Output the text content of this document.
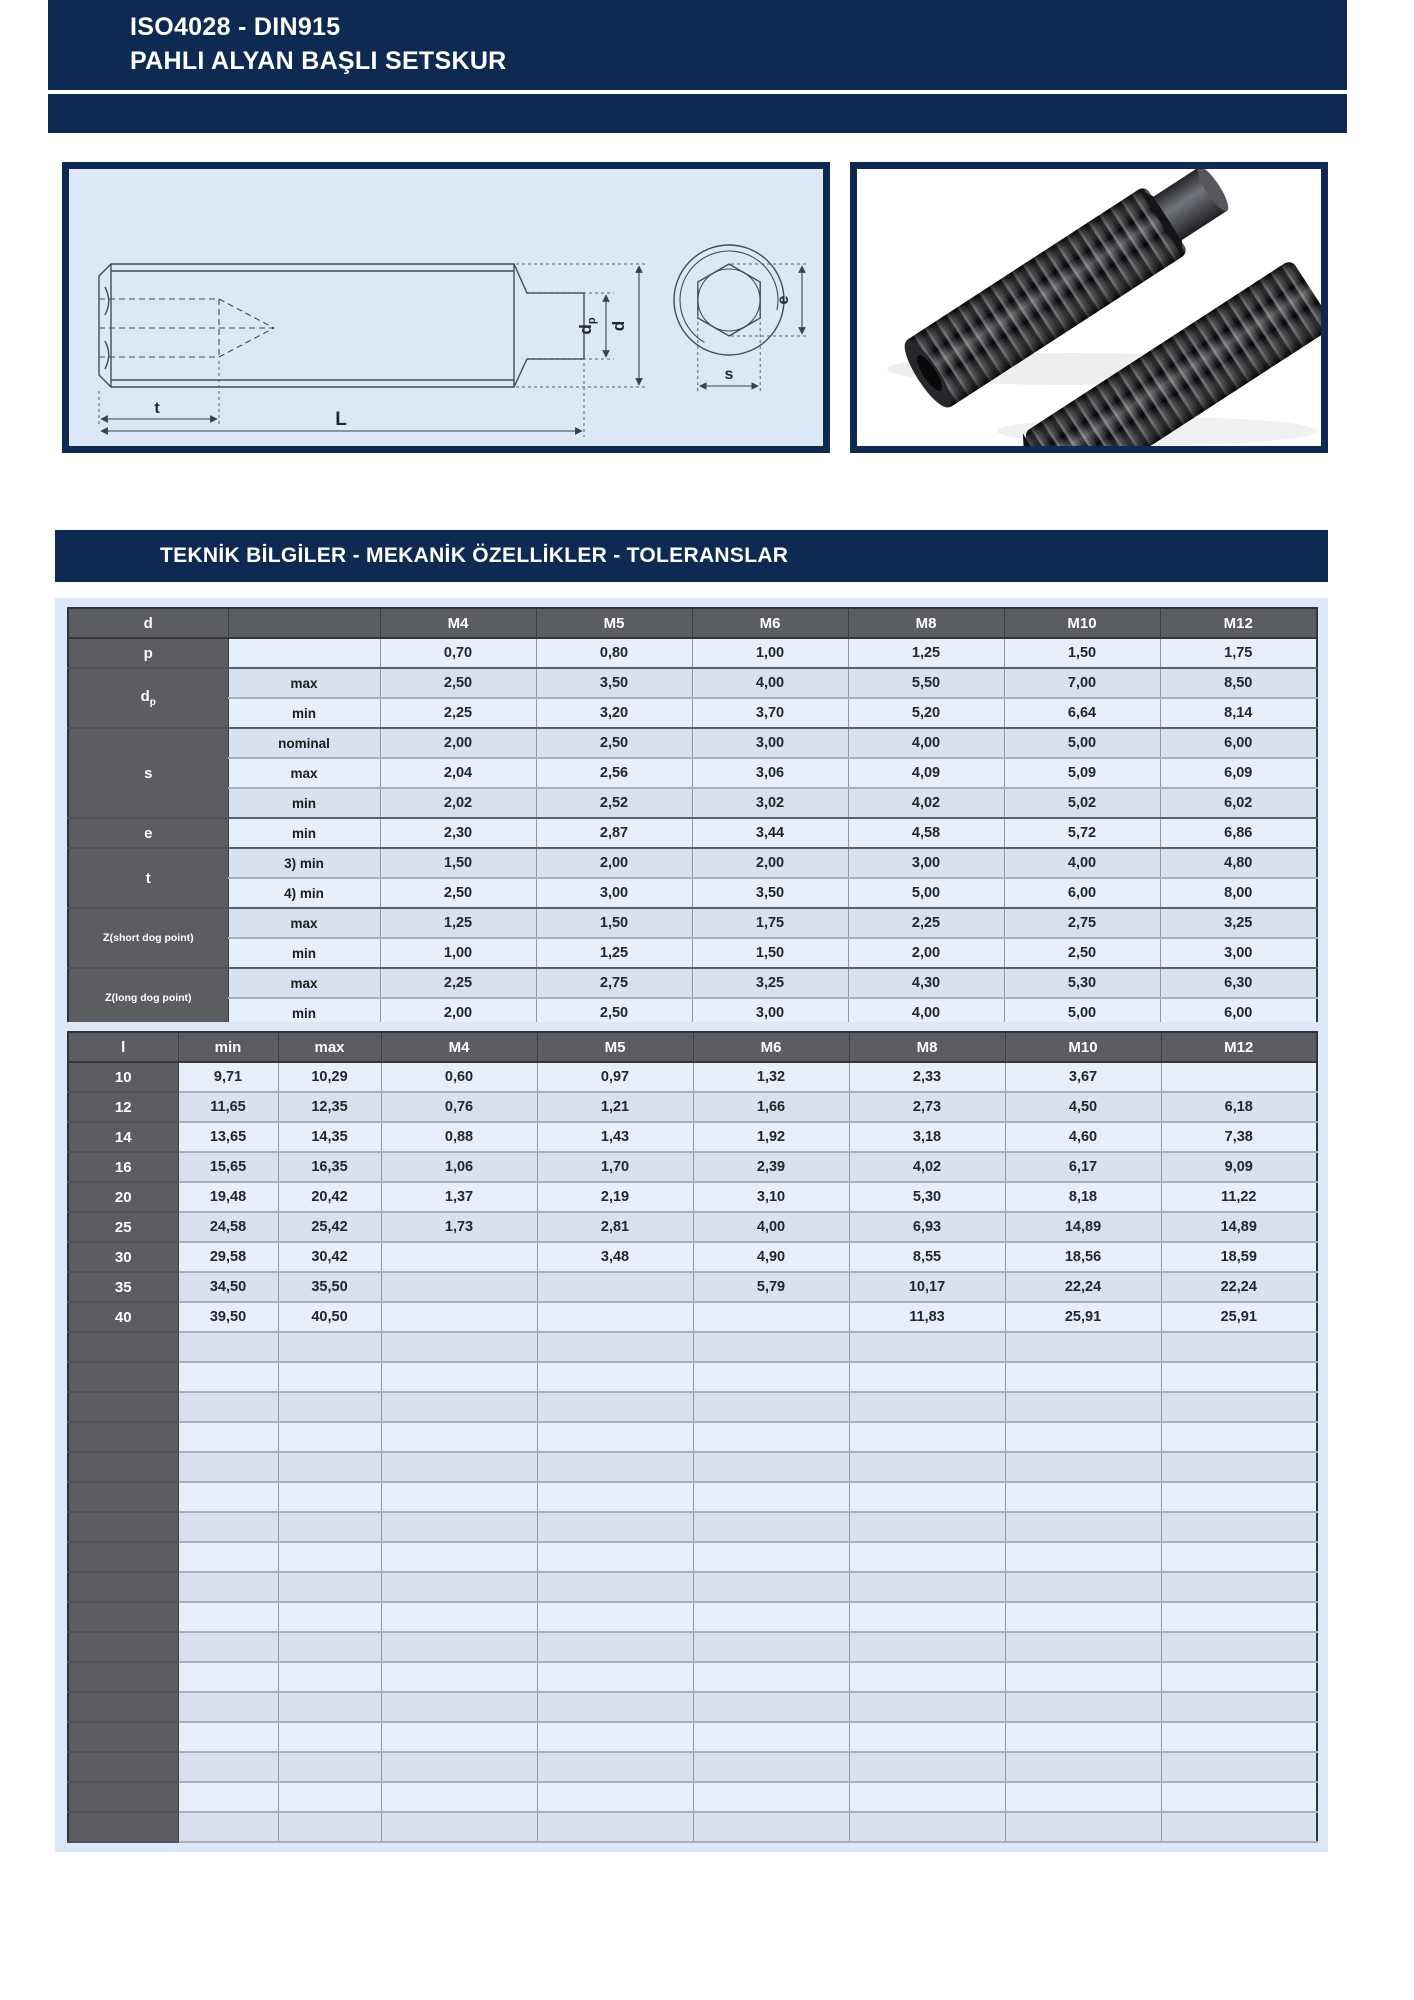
ISO4028 - DIN915
PAHLI ALYAN BAŞLI SETSKUR
$d_p$ d
t
L
e
s
TEKNİK BİLGİLER - MEKANİK ÖZELLİKLER - TOLERANSLAR
d		M4	M5	M6	M8	M10	M12
p		0,70	0,80	1,00	1,25	1,50	1,75
$d_p$	max	2,50	3,50	4,00	5,50	7,00	8,50
	min	2,25	3,20	3,70	5,20	6,64	8,14
s	nominal	2,00	2,50	3,00	4,00	5,00	6,00
	max	2,04	2,56	3,06	4,09	5,09	6,09
	min	2,02	2,52	3,02	4,02	5,02	6,02
e	min	2,30	2,87	3,44	4,58	5,72	6,86
t	3) min	1,50	2,00	2,00	3,00	4,00	4,80
	4) min	2,50	3,00	3,50	5,00	6,00	8,00
Z(short dog point)	max	1,25	1,50	1,75	2,25	2,75	3,25
	min	1,00	1,25	1,50	2,00	2,50	3,00
Z(long dog point)	max	2,25	2,75	3,25	4,30	5,30	6,30
	min	2,00	2,50	3,00	4,00	5,00	6,00
l	min	max	M4	M5	M6	M8	M10	M12
10	9,71	10,29	0,60	0,97	1,32	2,33	3,67	
12	11,65	12,35	0,76	1,21	1,66	2,73	4,50	6,18
14	13,65	14,35	0,88	1,43	1,92	3,18	4,60	7,38
16	15,65	16,35	1,06	1,70	2,39	4,02	6,17	9,09
20	19,48	20,42	1,37	2,19	3,10	5,30	8,18	11,22
25	24,58	25,42	1,73	2,81	4,00	6,93	14,89	14,89
30	29,58	30,42		3,48	4,90	8,55	18,56	18,59
35	34,50	35,50			5,79	10,17	22,24	22,24
40	39,50	40,50				11,83	25,91	25,91
